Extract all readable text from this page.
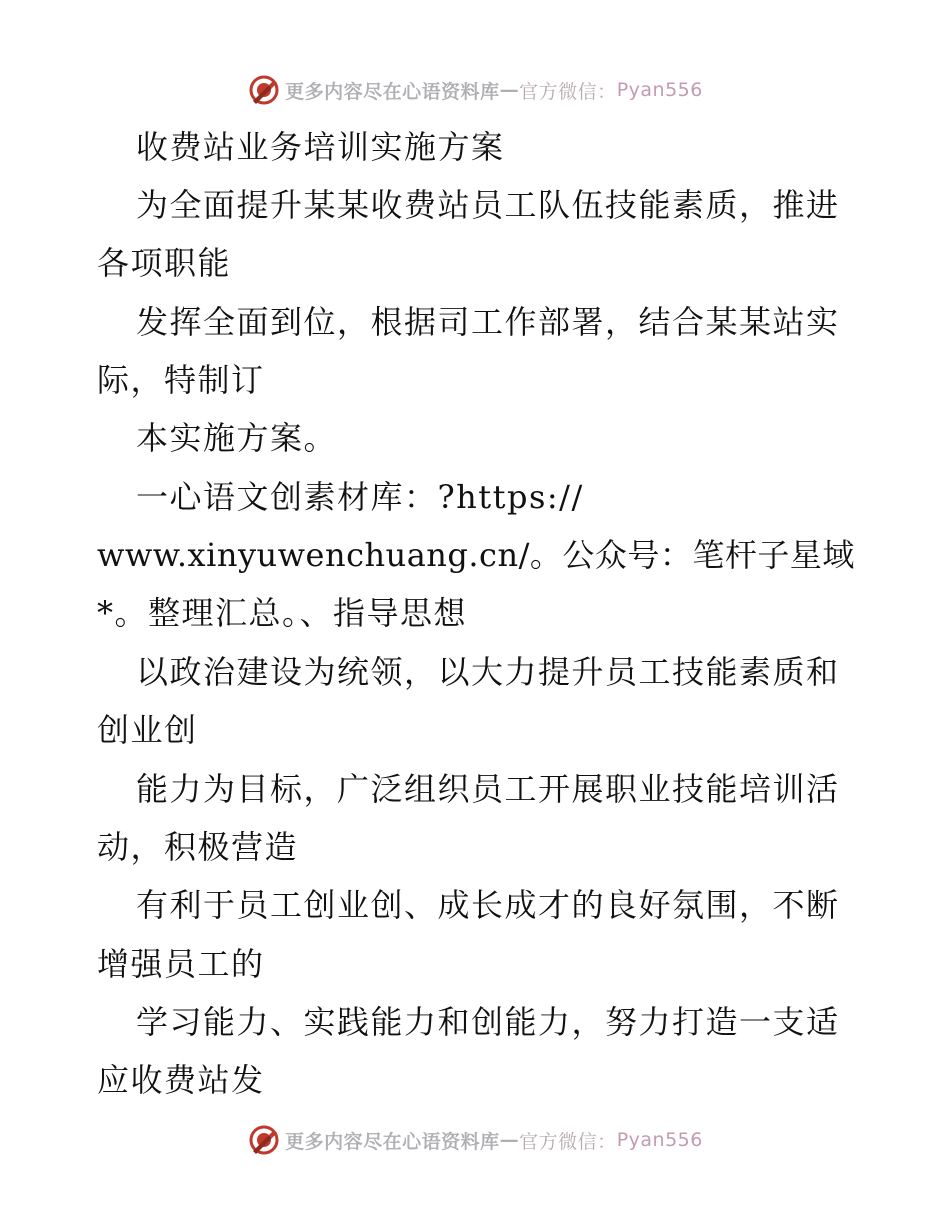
更多内容尽在心语资料库 — 官方微信： Pyan556
收费站业务培训实施方案
为全面提升某某收费站员工队伍技能素质，推进
各项职能
发挥全面到位，根据司工作部署，结合某某站实
际，特制订
本实施方案。
一心语文创素材库：?https://
www.xinyuwenchuang.cn/。公众号：笔杆子星域
*。整理汇总。、指导思想
以政治建设为统领，以大力提升员工技能素质和
创业创
能力为目标，广泛组织员工开展职业技能培训活
动，积极营造
有利于员工创业创、成长成才的良好氛围，不断
增强员工的
学习能力、实践能力和创能力，努力打造一支适
应收费站发
更多内容尽在心语资料库 — 官方微信： Pyan556
